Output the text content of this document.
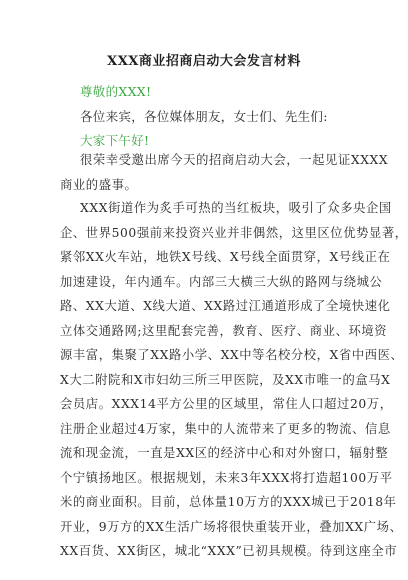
XXX商业招商启动大会发言材料
尊敬的XXX!
各位来宾，各位媒体朋友，女士们、先生们:
大家下午好!
很荣幸受邀出席今天的招商启动大会，一起见证XXXX
商业的盛事。
XXX街道作为炙手可热的当红板块，吸引了众多央企国
企、世界500强前来投资兴业并非偶然，这里区位优势显著，
紧邻XX火车站，地铁X号线、X号线全面贯穿，X号线正在
加速建设，年内通车。内部三大横三大纵的路网与绕城公
路、XX大道、X线大道、XX路过江通道形成了全境快速化
立体交通路网;这里配套完善，教育、医疗、商业、环境资
源丰富，集聚了XX路小学、XX中等名校分校，X省中西医、
X大二附院和X市妇幼三所三甲医院，及XX市唯一的盒马X
会员店。XXX14平方公里的区域里，常住人口超过20万，
注册企业超过4万家，集中的人流带来了更多的物流、信息
流和现金流，一直是XX区的经济中心和对外窗口，辐射整
个宁镇扬地区。根据规划，未来3年XXX将打造超100万平
米的商业面积。目前，总体量10万方的XXX城已于2018年
开业，9万方的XX生活广场将很快重装开业，叠加XX广场、
XX百货、XX街区，城北“XXX”已初具规模。待到这座全市
